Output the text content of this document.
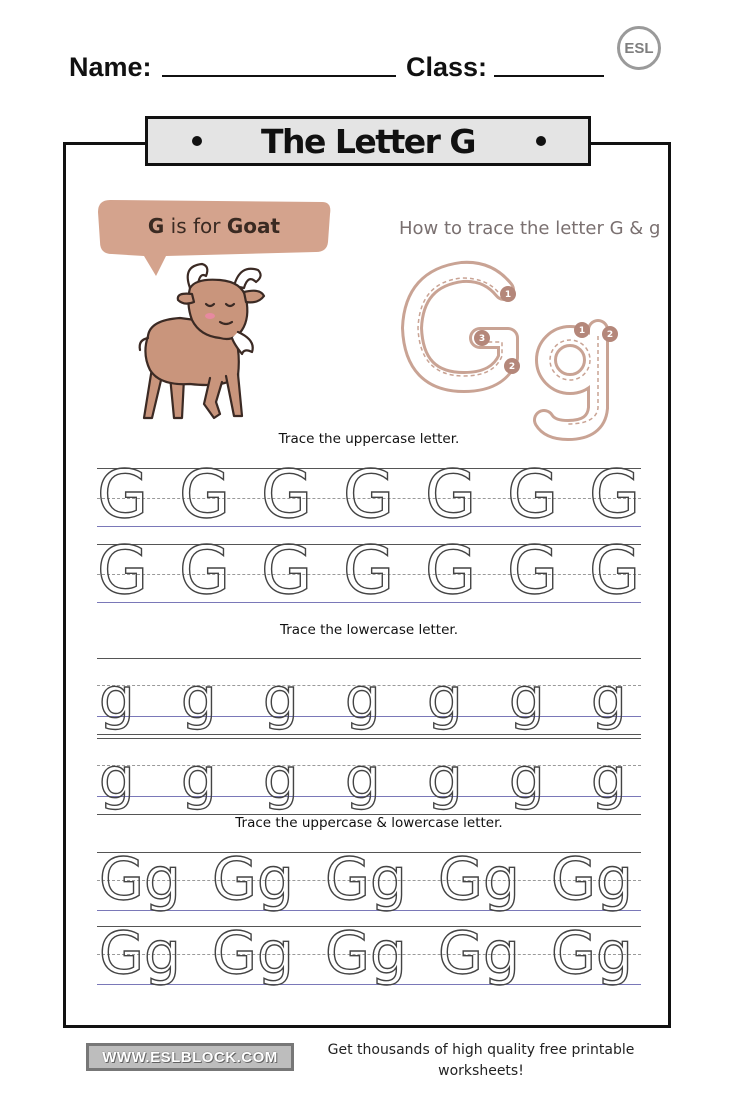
Name:	Class:
ESL
The Letter G
G is for Goat	How to trace the letter G & g
1
2
3
1 2
Trace the uppercase letter.
Trace the lowercase letter.
Trace the uppercase & lowercase letter.
G G G G G G G
G G G G G G G
g g g g g g g
g g g g g g g
Gg Gg Gg Gg Gg
Gg Gg Gg Gg Gg
WWW.ESLBLOCK.COM	Get thousands of high quality free printable
worksheets!
